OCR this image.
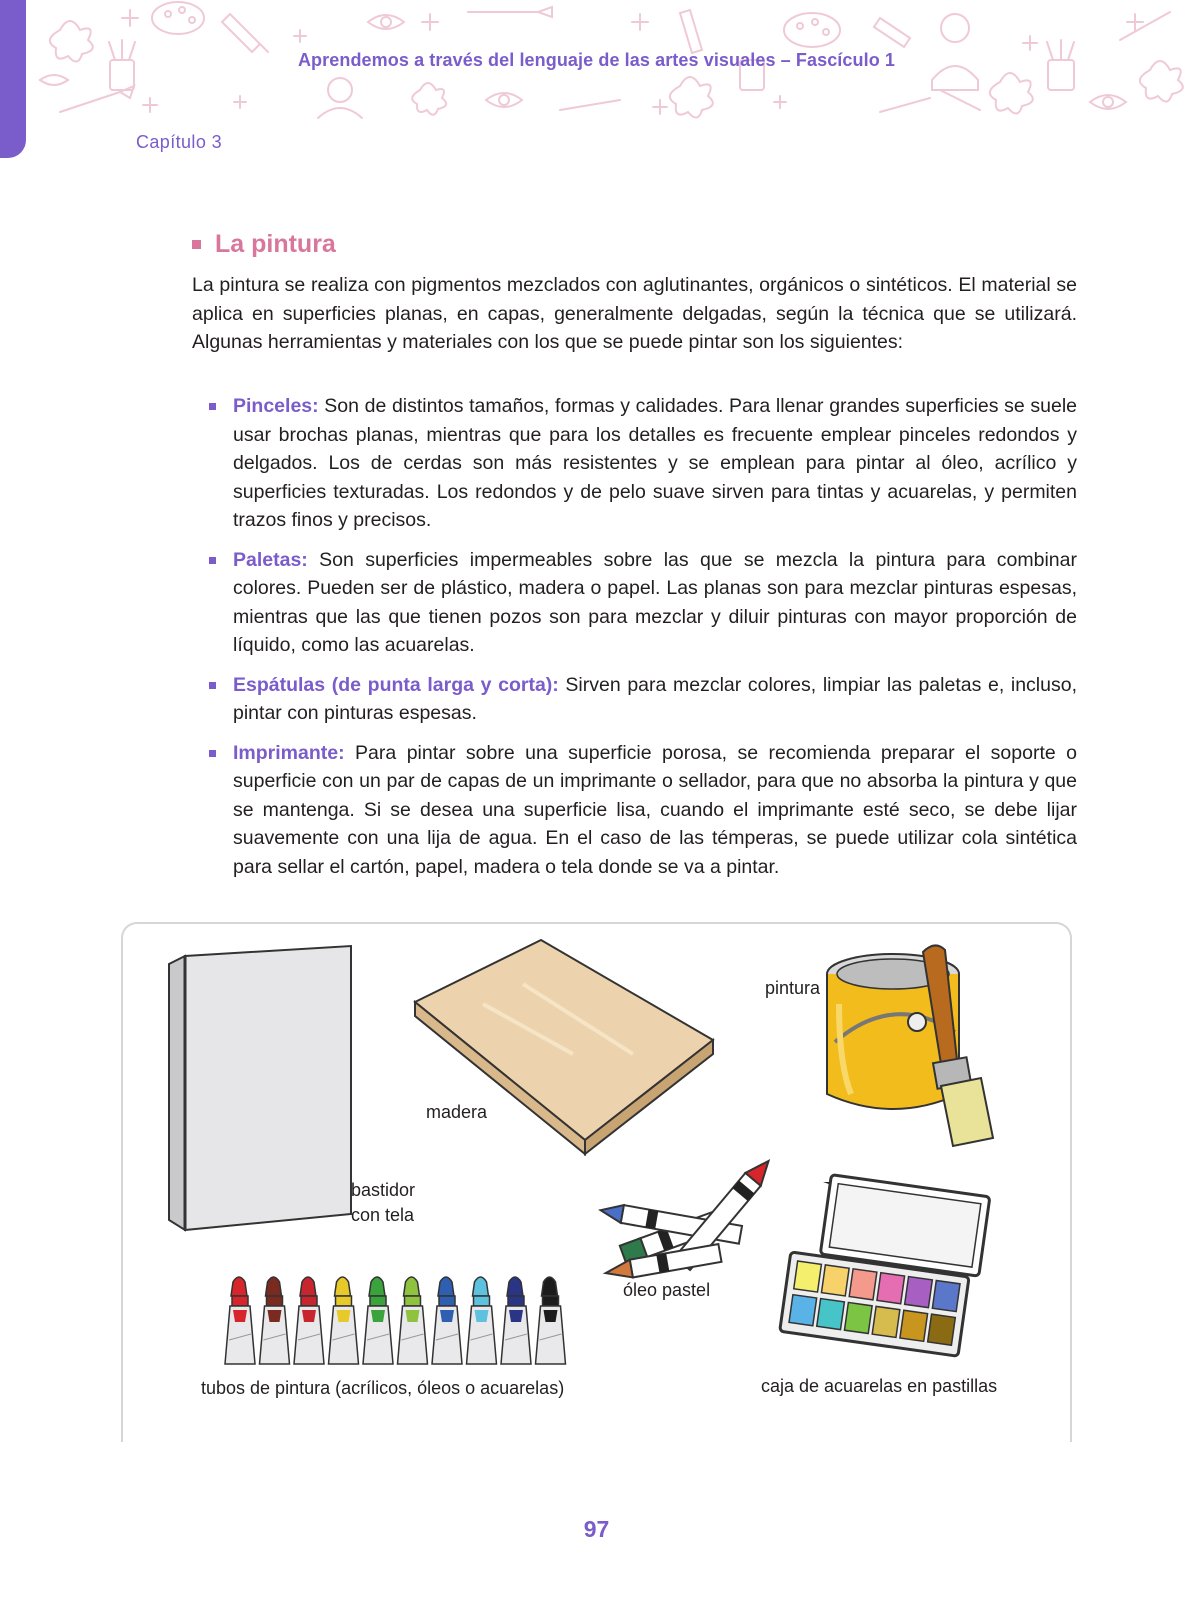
Aprendemos a través del lenguaje de las artes visuales – Fascículo 1
Capítulo 3
La pintura

La pintura se realiza con pigmentos mezclados con aglutinantes, orgánicos o sintéticos. El material se aplica en superficies planas, en capas, generalmente delgadas, según la técnica que se utilizará. Algunas herramientas y materiales con los que se puede pintar son los siguientes:

Pinceles: Son de distintos tamaños, formas y calidades. Para llenar grandes superficies se suele usar brochas planas, mientras que para los detalles es frecuente emplear pinceles redondos y delgados. Los de cerdas son más resistentes y se emplean para pintar al óleo, acrílico y superficies texturadas. Los redondos y de pelo suave sirven para tintas y acuarelas, y permiten trazos finos y precisos.
Paletas: Son superficies impermeables sobre las que se mezcla la pintura para combinar colores. Pueden ser de plástico, madera o papel. Las planas son para mezclar pinturas espesas, mientras que las que tienen pozos son para mezclar y diluir pinturas con mayor proporción de líquido, como las acuarelas.
Espátulas (de punta larga y corta): Sirven para mezclar colores, limpiar las paletas e, incluso, pintar con pinturas espesas.
Imprimante: Para pintar sobre una superficie porosa, se recomienda preparar el soporte o superficie con un par de capas de un imprimante o sellador, para que no absorba la pintura y que se mantenga. Si se desea una superficie lisa, cuando el imprimante esté seco, se debe lijar suavemente con una lija de agua. En el caso de las témperas, se puede utilizar cola sintética para sellar el cartón, papel, madera o tela donde se va a pintar.
bastidor
con tela
madera
pintura
óleo pastel
tubos de pintura (acrílicos, óleos o acuarelas)	caja de acuarelas en pastillas
97
